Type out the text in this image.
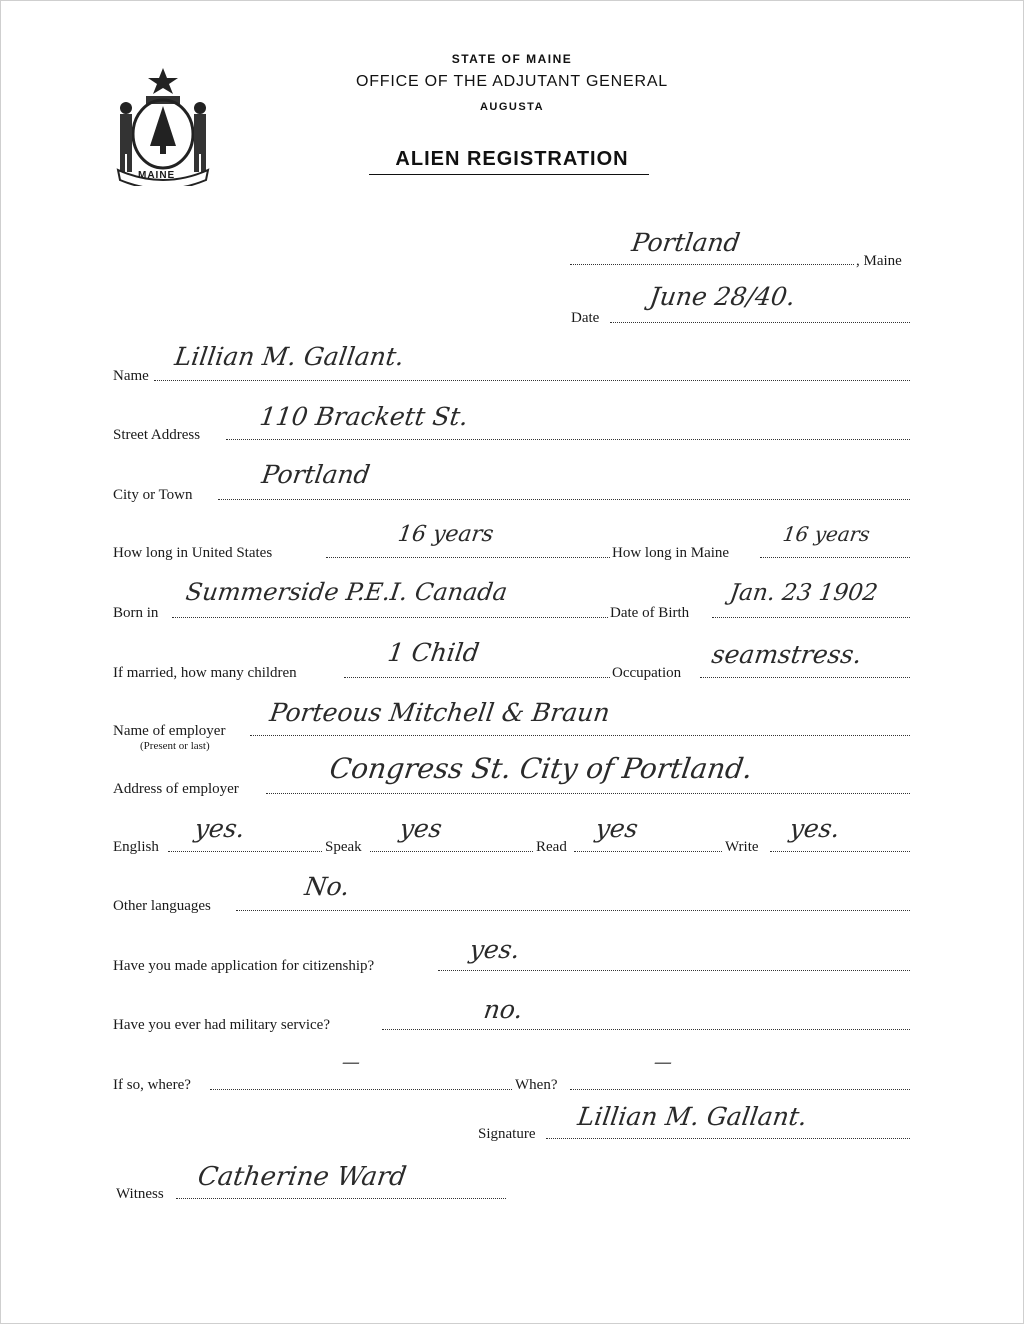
MAINE
STATE OF MAINE
OFFICE OF THE ADJUTANT GENERAL
AUGUSTA
ALIEN REGISTRATION
Portland
, Maine
Date
June 28/40.
Name
Lillian M. Gallant.
Street Address
110 Brackett St.
City or Town
Portland
How long in United States
16 years
How long in Maine
16 years
Born in
Summerside P.E.I. Canada
Date of Birth
Jan. 23 1902
If married, how many children
1 Child
Occupation
seamstress.
Name of employer
(Present or last)
Porteous Mitchell & Braun
Address of employer
Congress St. City of Portland.
English
yes.
Speak
yes
Read
yes
Write
yes.
Other languages
No.
Have you made application for citizenship?
yes.
Have you ever had military service?
no.
If so, where?
—
When?
—
Signature
Lillian M. Gallant.
Witness
Catherine Ward
